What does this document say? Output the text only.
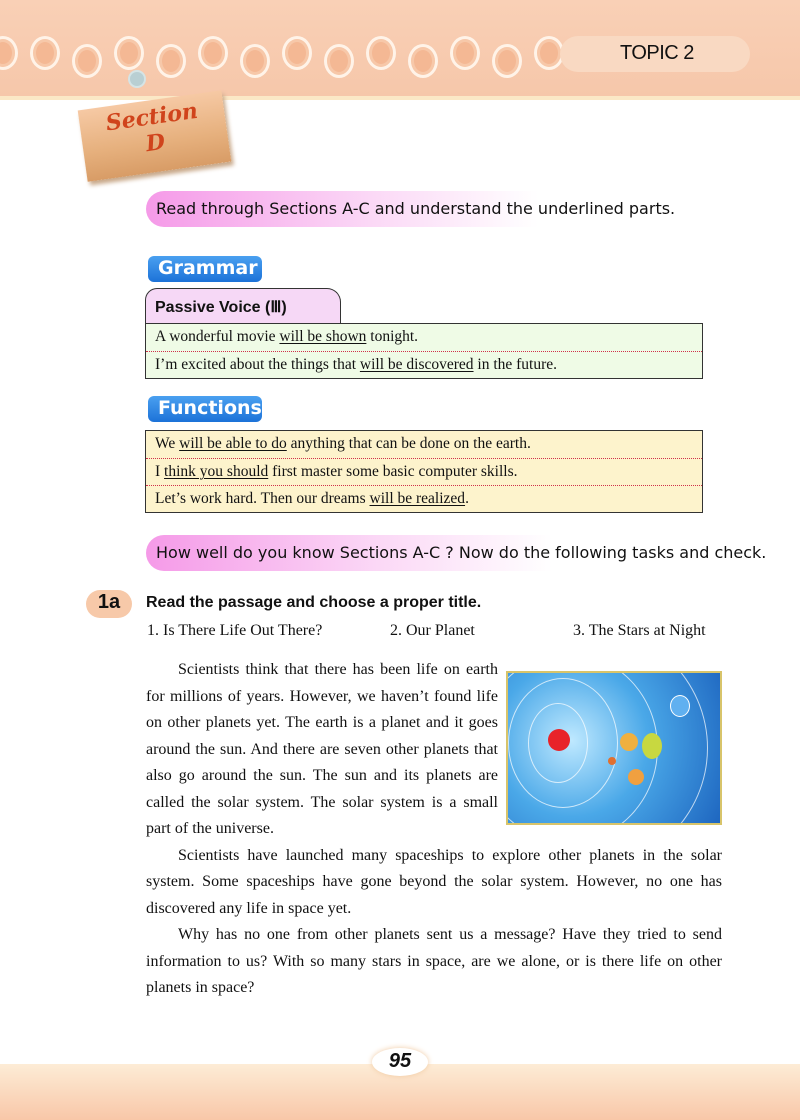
TOPIC 2
Section
D
Read through Sections A-C and understand the underlined parts.
Grammar
Passive Voice (Ⅲ)
A wonderful movie will be shown tonight.
I’m excited about the things that will be discovered in the future.
Functions
We will be able to do anything that can be done on the earth.
I think you should first master some basic computer skills.
Let’s work hard. Then our dreams will be realized.
How well do you know Sections A-C ? Now do the following tasks and check.
1a	Read the passage and choose a proper title.
1. Is There Life Out There?	2. Our Planet	3. The Stars at Night

Scientists think that there has been life on earth for millions of years. However, we haven’t found life on other planets yet. The earth is a planet and it goes around the sun. And there are seven other planets that also go around the sun. The sun and its planets are called the solar system. The solar system is a small part of the universe.

Scientists have launched many spaceships to explore other planets in the solar system. Some spaceships have gone beyond the solar system. However, no one has discovered any life in space yet.

Why has no one from other planets sent us a message? Have they tried to send information to us? With so many stars in space, are we alone, or is there life on other planets in space?

95
